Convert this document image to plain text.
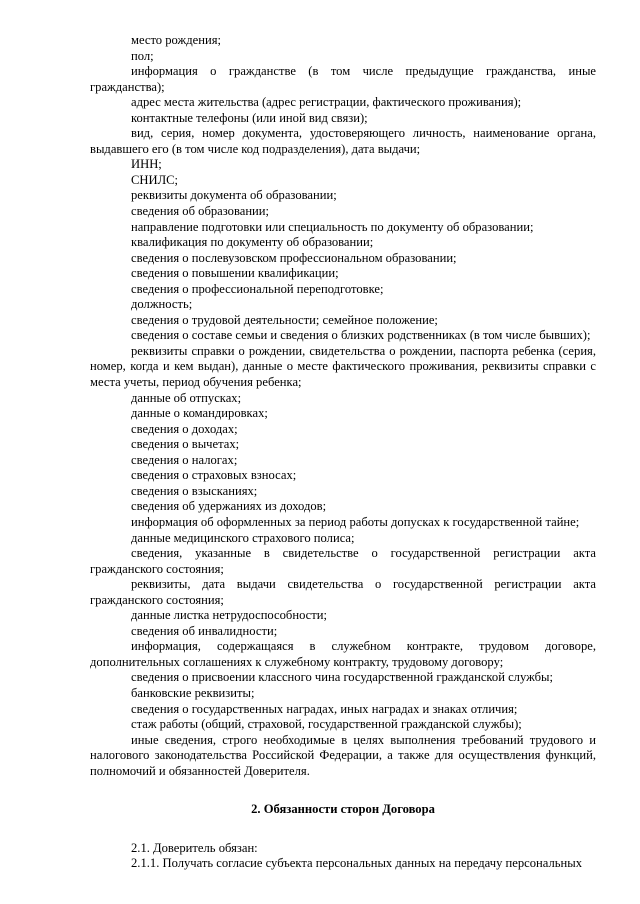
место рождения;

пол;

информация о гражданстве (в том числе предыдущие гражданства, иные гражданства);

адрес места жительства (адрес регистрации, фактического проживания);

контактные телефоны (или иной вид связи);

вид, серия, номер документа, удостоверяющего личность, наименование органа, выдавшего его (в том числе код подразделения), дата выдачи;

ИНН;

СНИЛС;

реквизиты документа об образовании;

сведения об образовании;

направление подготовки или специальность по документу об образовании;

квалификация по документу об образовании;

сведения о послевузовском профессиональном образовании;

сведения о повышении квалификации;

сведения о профессиональной переподготовке;

должность;

сведения о трудовой деятельности; семейное положение;

сведения о составе семьи и сведения о близких родственниках (в том числе бывших);

реквизиты справки о рождении, свидетельства о рождении, паспорта ребенка (серия, номер, когда и кем выдан), данные о месте фактического проживания, реквизиты справки с места учеты, период обучения ребенка;

данные об отпусках;

данные о командировках;

сведения о доходах;

сведения о вычетах;

сведения о налогах;

сведения о страховых взносах;

сведения о взысканиях;

сведения об удержаниях из доходов;

информация об оформленных за период работы допусках к государственной тайне;

данные медицинского страхового полиса;

сведения, указанные в свидетельстве о государственной регистрации акта гражданского состояния;

реквизиты, дата выдачи свидетельства о государственной регистрации акта гражданского состояния;

данные листка нетрудоспособности;

сведения об инвалидности;

информация, содержащаяся в служебном контракте, трудовом договоре, дополнительных соглашениях к служебному контракту, трудовому договору;

сведения о присвоении классного чина государственной гражданской службы;

банковские реквизиты;

сведения о государственных наградах, иных наградах и знаках отличия;

стаж работы (общий, страховой, государственной гражданской службы);

иные сведения, строго необходимые в целях выполнения требований трудового и налогового законодательства Российской Федерации, а также для осуществления функций, полномочий и обязанностей Доверителя.

2. Обязанности сторон Договора

2.1. Доверитель обязан:

2.1.1. Получать согласие субъекта персональных данных на передачу персональных
